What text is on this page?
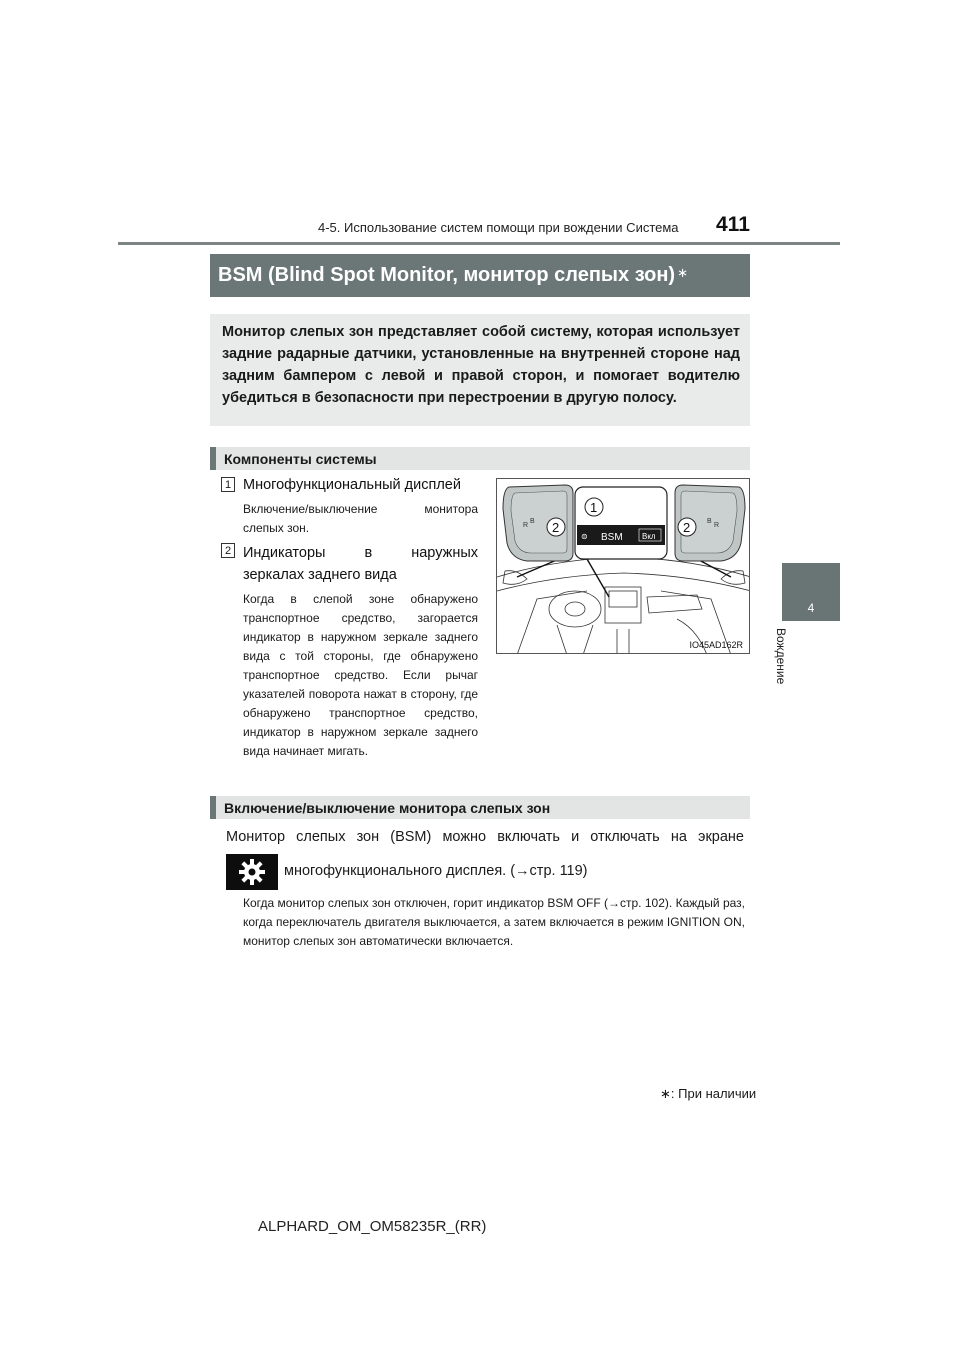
4-5. Использование систем помощи при вождении Система 411
4
Вождение
BSM (Blind Spot Monitor, монитор слепых зон)∗
Монитор слепых зон представляет собой систему, которая использует задние радарные датчики, установленные на внутренней стороне над задним бампером с левой и правой сторон, и помогает водителю убедиться в безопасности при перестроении в другую полосу.
Компоненты системы
1 Многофункциональный дисплей
Включение/выключение монитора слепых зон.
2 Индикаторы в наружных
зеркалах заднего вида
Когда в слепой зоне обнаружено транспортное средство, загорается индикатор в наружном зеркале заднего вида с той стороны, где обнаружено транспортное средство. Если рычаг указателей поворота нажат в сторону, где обнаружено транспортное средство, индикатор в наружном зеркале заднего вида начинает мигать.
R
B 2	B
R
2
1
⊜ BSM Вкл
IO45AD162R
Включение/выключение монитора слепых зон
Монитор слепых зон (BSM) можно включать и отключать на экране
многофункционального дисплея. (→стр. 119)
Когда монитор слепых зон отключен, горит индикатор BSM OFF (→стр. 102). Каждый раз, когда переключатель двигателя выключается, а затем включается в режим IGNITION ON, монитор слепых зон автоматически включается.
∗: При наличии
ALPHARD_OM_OM58235R_(RR)
